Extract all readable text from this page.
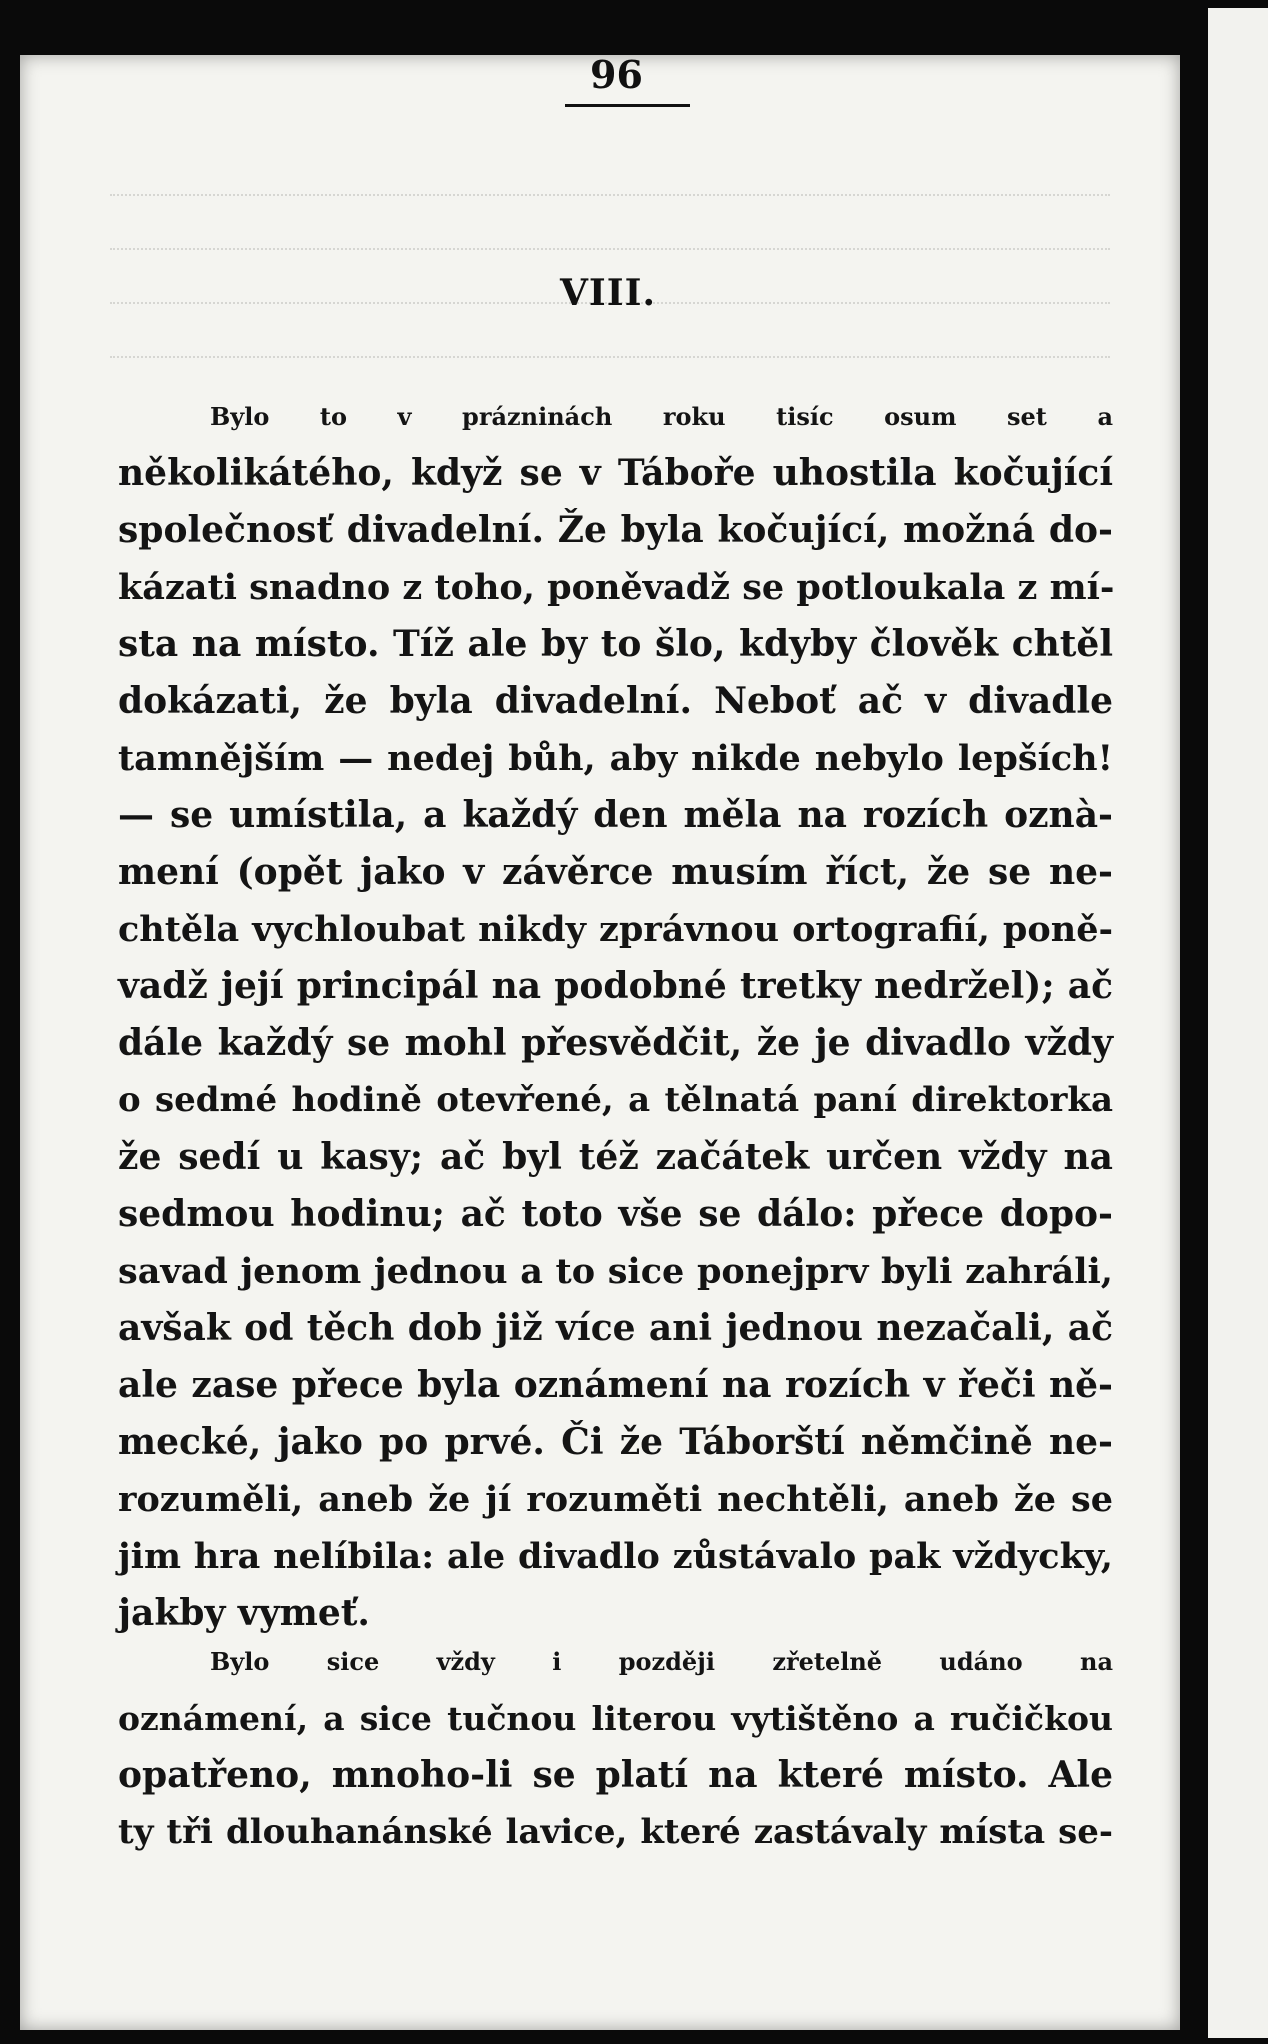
96
VIII.
Bylo to v prázninách roku tisíc osum set a
několikátého, když se v Táboře uhostila kočující
společnosť divadelní. Že byla kočující, možná do-
kázati snadno z toho, poněvadž se potloukala z mí-
sta na místo. Tíž ale by to šlo, kdyby člověk chtěl
dokázati, že byla divadelní. Neboť ač v divadle
tamnějším — nedej bůh, aby nikde nebylo lepších!
— se umístila, a každý den měla na rozích oznà-
mení (opět jako v závěrce musím říct, že se ne-
chtěla vychloubat nikdy zprávnou ortografií, poně-
vadž její principál na podobné tretky nedržel); ač
dále každý se mohl přesvědčit, že je divadlo vždy
o sedmé hodině otevřené, a tělnatá paní direktorka
že sedí u kasy; ač byl též začátek určen vždy na
sedmou hodinu; ač toto vše se dálo: přece dopo-
savad jenom jednou a to sice ponejprv byli zahráli,
avšak od těch dob již více ani jednou nezačali, ač
ale zase přece byla oznámení na rozích v řeči ně-
mecké, jako po prvé. Či že Táborští němčině ne-
rozuměli, aneb že jí rozuměti nechtěli, aneb že se
jim hra nelíbila: ale divadlo zůstávalo pak vždycky,
jakby vymeť.
Bylo sice vždy i později zřetelně udáno na
oznámení, a sice tučnou literou vytištěno a ručičkou
opatřeno, mnoho-li se platí na které místo. Ale
ty tři dlouhanánské lavice, které zastávaly místa se-
